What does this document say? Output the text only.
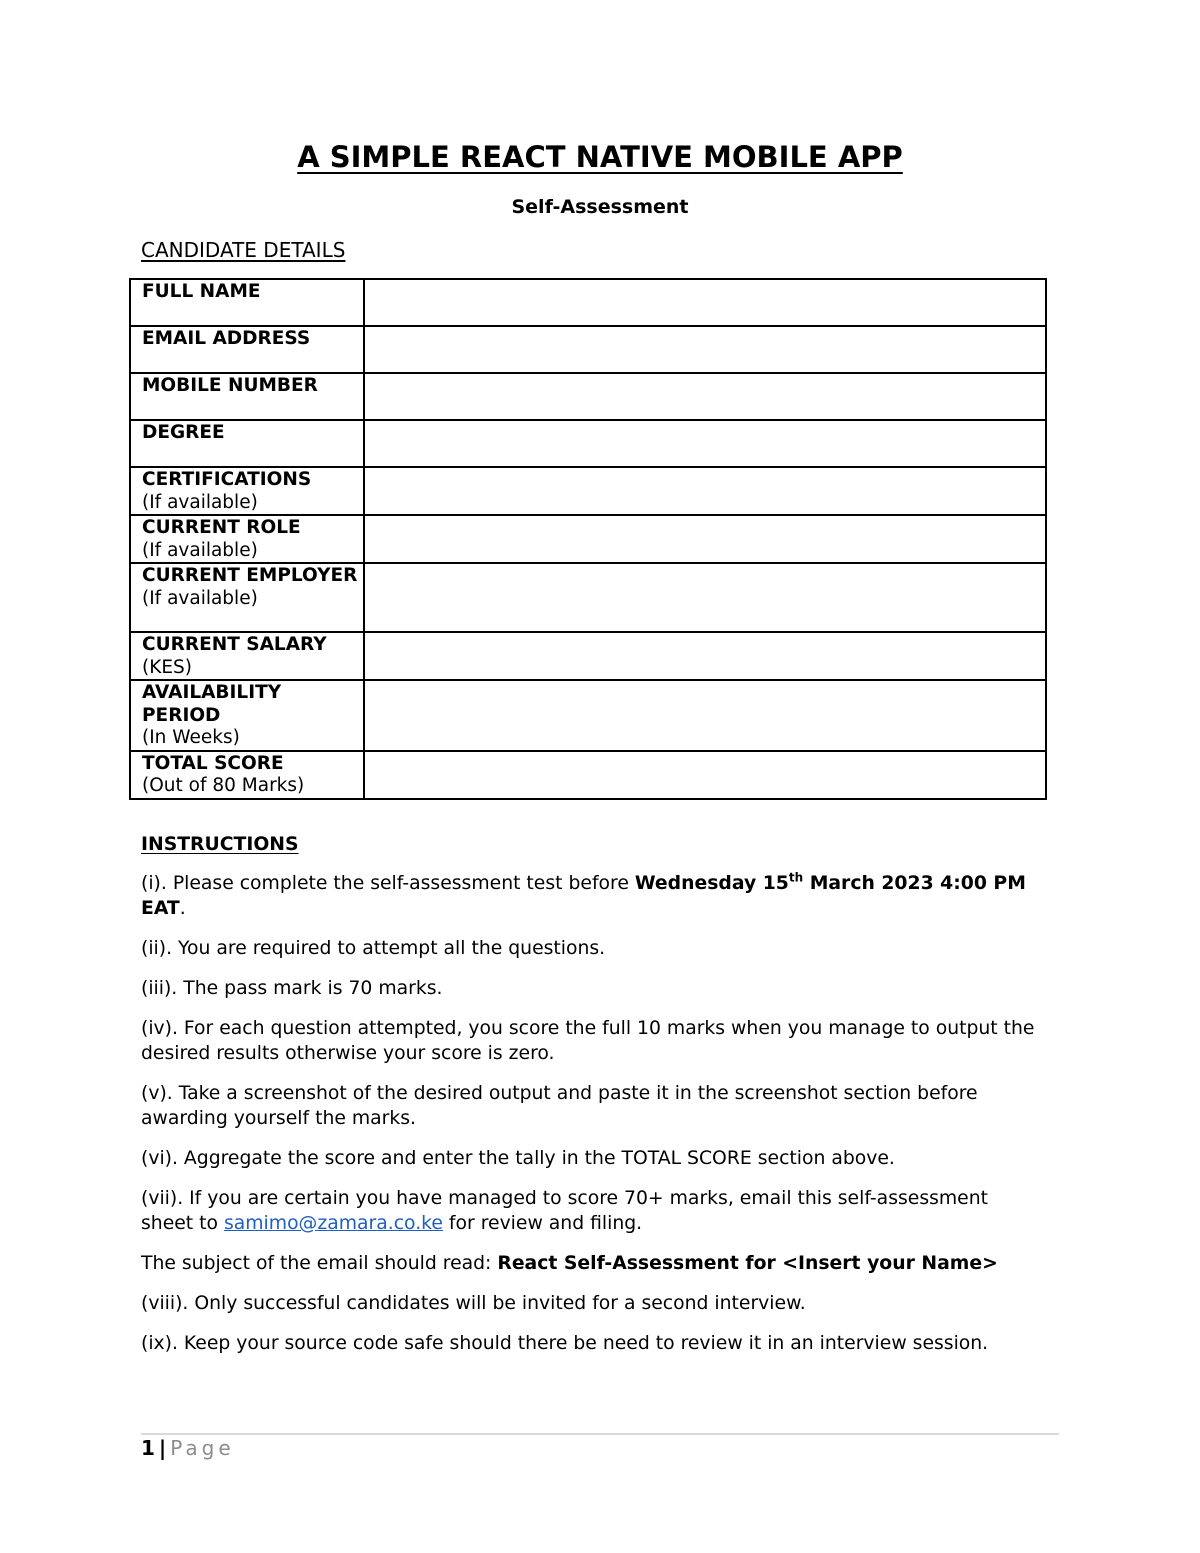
A SIMPLE REACT NATIVE MOBILE APP
Self-Assessment
CANDIDATE DETAILS
FULL NAME	

EMAIL ADDRESS	

MOBILE NUMBER	

DEGREE	

CERTIFICATIONS
(If available)	

CURRENT ROLE
(If available)	

CURRENT EMPLOYER
(If available)	

CURRENT SALARY
(KES)	

AVAILABILITY PERIOD
(In Weeks)	

TOTAL SCORE
(Out of 80 Marks)	

INSTRUCTIONS

(i). Please complete the self-assessment test before Wednesday 15th March 2023 4:00 PM EAT.

(ii). You are required to attempt all the questions.

(iii). The pass mark is 70 marks.

(iv). For each question attempted, you score the full 10 marks when you manage to output the desired results otherwise your score is zero.

(v). Take a screenshot of the desired output and paste it in the screenshot section before awarding yourself the marks.

(vi). Aggregate the score and enter the tally in the TOTAL SCORE section above.

(vii). If you are certain you have managed to score 70+ marks, email this self-assessment sheet to samimo@zamara.co.ke for review and filing.

The subject of the email should read: React Self-Assessment for <Insert your Name>

(viii). Only successful candidates will be invited for a second interview.

(ix). Keep your source code safe should there be need to review it in an interview session.

1 | Page
